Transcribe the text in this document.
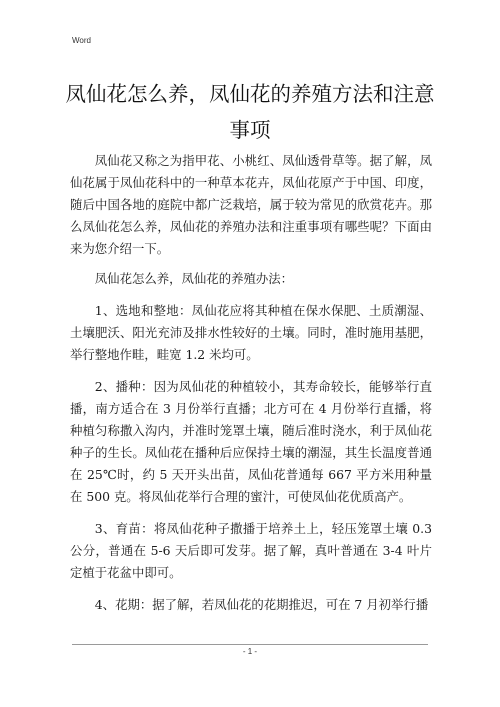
Word
凤仙花怎么养，凤仙花的养殖方法和注意事项

凤仙花又称之为指甲花、小桃红、凤仙透骨草等。据了解，凤仙花属于凤仙花科中的一种草本花卉，凤仙花原产于中国、印度，随后中国各地的庭院中都广泛栽培，属于较为常见的欣赏花卉。那么凤仙花怎么养，凤仙花的养殖办法和注重事项有哪些呢？下面由来为您介绍一下。

凤仙花怎么养，凤仙花的养殖办法：

1、选地和整地：凤仙花应将其种植在保水保肥、土质潮湿、土壤肥沃、阳光充沛及排水性较好的土壤。同时，准时施用基肥，举行整地作畦，畦宽 1.2 米均可。

2、播种：因为凤仙花的种植较小，其寿命较长，能够举行直播，南方适合在 3 月份举行直播；北方可在 4 月份举行直播，将种植匀称撒入沟内，并准时笼罩土壤，随后准时浇水，利于凤仙花种子的生长。凤仙花在播种后应保持土壤的潮湿，其生长温度普通在 25℃时，约 5 天开头出苗，凤仙花普通每 667 平方米用种量在 500 克。将凤仙花举行合理的蜜汁，可使凤仙花优质高产。

3、育苗：将凤仙花种子撒播于培养土上，轻压笼罩土壤 0.3 公分，普通在 5-6 天后即可发芽。据了解，真叶普通在 3-4 叶片定植于花盆中即可。

4、花期：据了解，若凤仙花的花期推迟，可在 7 月初举行播

- 1 -
